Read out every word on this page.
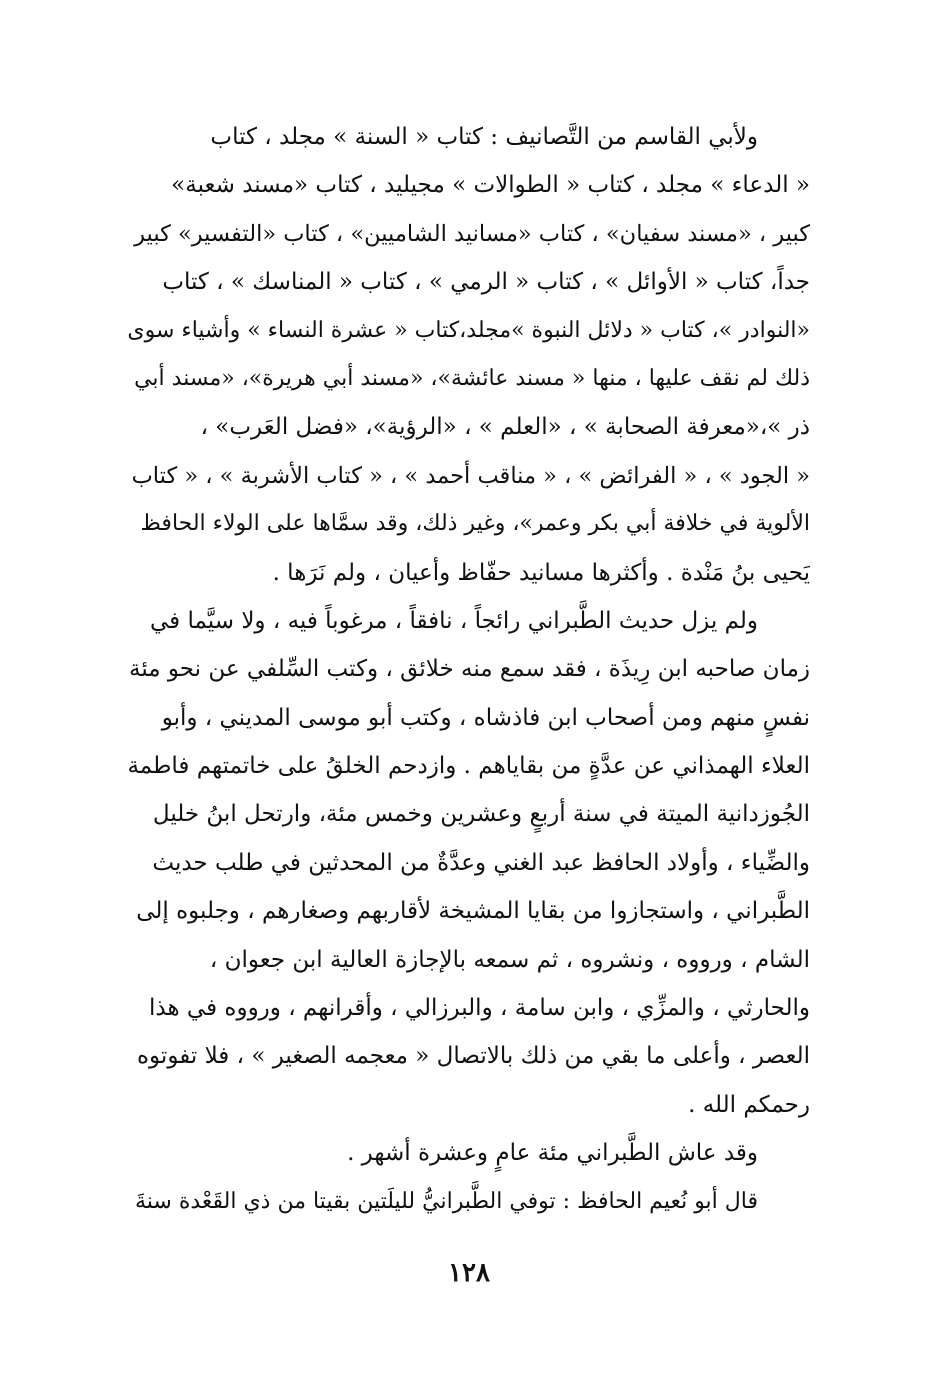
ولأبي القاسم من التَّصانيف : كتاب « السنة » مجلد ، كتاب
« الدعاء » مجلد ، كتاب « الطوالات » مجيليد ، كتاب «مسند شعبة»
كبير ، «مسند سفيان» ، كتاب «مسانيد الشاميين» ، كتاب «التفسير» كبير
جداً، كتاب « الأوائل » ، كتاب « الرمي » ، كتاب « المناسك » ، كتاب
«النوادر »، كتاب « دلائل النبوة »مجلد،كتاب « عشرة النساء » وأشياء سوى
ذلك لم نقف عليها ، منها « مسند عائشة»، «مسند أبي هريرة»، «مسند أبي
ذر »،«معرفة الصحابة » ، «العلم » ، «الرؤية»، «فضل العَرب» ،
« الجود » ، « الفرائض » ، « مناقب أحمد » ، « كتاب الأشربة » ، « كتاب
الألوية في خلافة أبي بكر وعمر»، وغير ذلك، وقد سمَّاها على الولاء الحافظ
يَحيى بنُ مَنْدة . وأكثرها مسانيد حفّاظ وأعيان ، ولم نَرَها .
ولم يزل حديث الطَّبراني رائجاً ، نافقاً ، مرغوباً فيه ، ولا سيَّما في
زمان صاحبه ابن رِيذَة ، فقد سمع منه خلائق ، وكتب السِّلفي عن نحو مئة
نفسٍ منهم ومن أصحاب ابن فاذشاه ، وكتب أبو موسى المديني ، وأبو
العلاء الهمذاني عن عدَّةٍ من بقاياهم . وازدحم الخلقُ على خاتمتهم فاطمة
الجُوزدانية الميتة في سنة أربعٍ وعشرين وخمس مئة، وارتحل ابنُ خليل
والضِّياء ، وأولاد الحافظ عبد الغني وعدَّةٌ من المحدثين في طلب حديث
الطَّبراني ، واستجازوا من بقايا المشيخة لأقاربهم وصغارهم ، وجلبوه إلى
الشام ، ورووه ، ونشروه ، ثم سمعه بالإجازة العالية ابن جعوان ،
والحارثي ، والمزِّي ، وابن سامة ، والبرزالي ، وأقرانهم ، ورووه في هذا
العصر ، وأعلى ما بقي من ذلك بالاتصال « معجمه الصغير » ، فلا تفوتوه
رحمكم الله .
وقد عاش الطَّبراني مئة عامٍ وعشرة أشهر .
قال أبو نُعيم الحافظ : توفي الطَّبرانيُّ لليلَتين بقيتا من ذي القَعْدة سنةَ
١٢٨
